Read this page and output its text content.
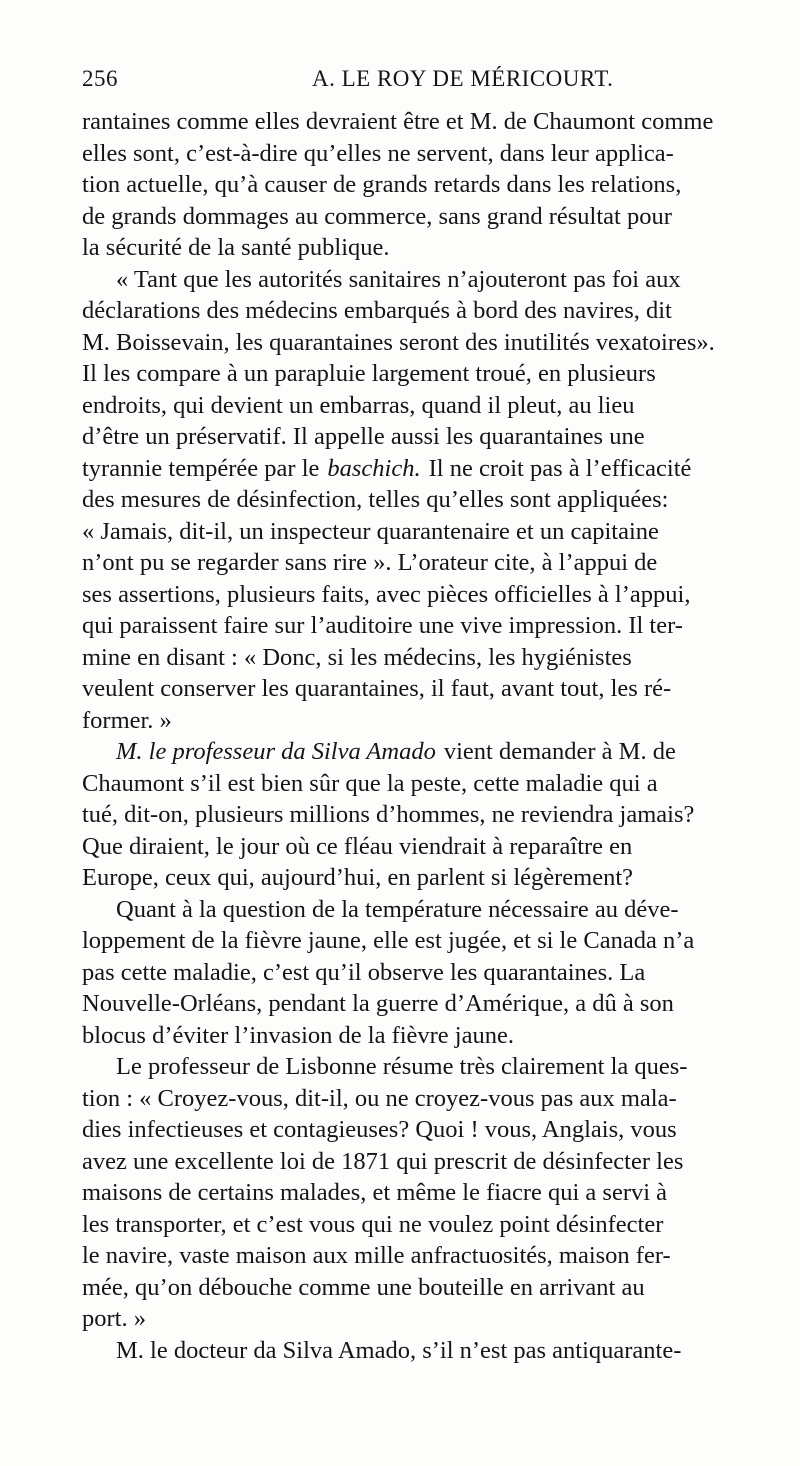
256	A. LE ROY DE MÉRICOURT.
rantaines comme elles devraient être et M. de Chaumont comme
elles sont, c’est-à-dire qu’elles ne servent, dans leur applica-
tion actuelle, qu’à causer de grands retards dans les relations,
de grands dommages au commerce, sans grand résultat pour
la sécurité de la santé publique.
« Tant que les autorités sanitaires n’ajouteront pas foi aux
déclarations des médecins embarqués à bord des navires, dit
M. Boissevain, les quarantaines seront des inutilités vexatoires».
Il les compare à un parapluie largement troué, en plusieurs
endroits, qui devient un embarras, quand il pleut, au lieu
d’être un préservatif. Il appelle aussi les quarantaines une
tyrannie tempérée par le baschich. Il ne croit pas à l’efficacité
des mesures de désinfection, telles qu’elles sont appliquées:
« Jamais, dit-il, un inspecteur quarantenaire et un capitaine
n’ont pu se regarder sans rire ». L’orateur cite, à l’appui de
ses assertions, plusieurs faits, avec pièces officielles à l’appui,
qui paraissent faire sur l’auditoire une vive impression. Il ter-
mine en disant : « Donc, si les médecins, les hygiénistes
veulent conserver les quarantaines, il faut, avant tout, les ré-
former. »
M. le professeur da Silva Amado vient demander à M. de
Chaumont s’il est bien sûr que la peste, cette maladie qui a
tué, dit-on, plusieurs millions d’hommes, ne reviendra jamais?
Que diraient, le jour où ce fléau viendrait à reparaître en
Europe, ceux qui, aujourd’hui, en parlent si légèrement?
Quant à la question de la température nécessaire au déve-
loppement de la fièvre jaune, elle est jugée, et si le Canada n’a
pas cette maladie, c’est qu’il observe les quarantaines. La
Nouvelle-Orléans, pendant la guerre d’Amérique, a dû à son
blocus d’éviter l’invasion de la fièvre jaune.
Le professeur de Lisbonne résume très clairement la ques-
tion : « Croyez-vous, dit-il, ou ne croyez-vous pas aux mala-
dies infectieuses et contagieuses? Quoi ! vous, Anglais, vous
avez une excellente loi de 1871 qui prescrit de désinfecter les
maisons de certains malades, et même le fiacre qui a servi à
les transporter, et c’est vous qui ne voulez point désinfecter
le navire, vaste maison aux mille anfractuosités, maison fer-
mée, qu’on débouche comme une bouteille en arrivant au
port. »
M. le docteur da Silva Amado, s’il n’est pas antiquarante-
